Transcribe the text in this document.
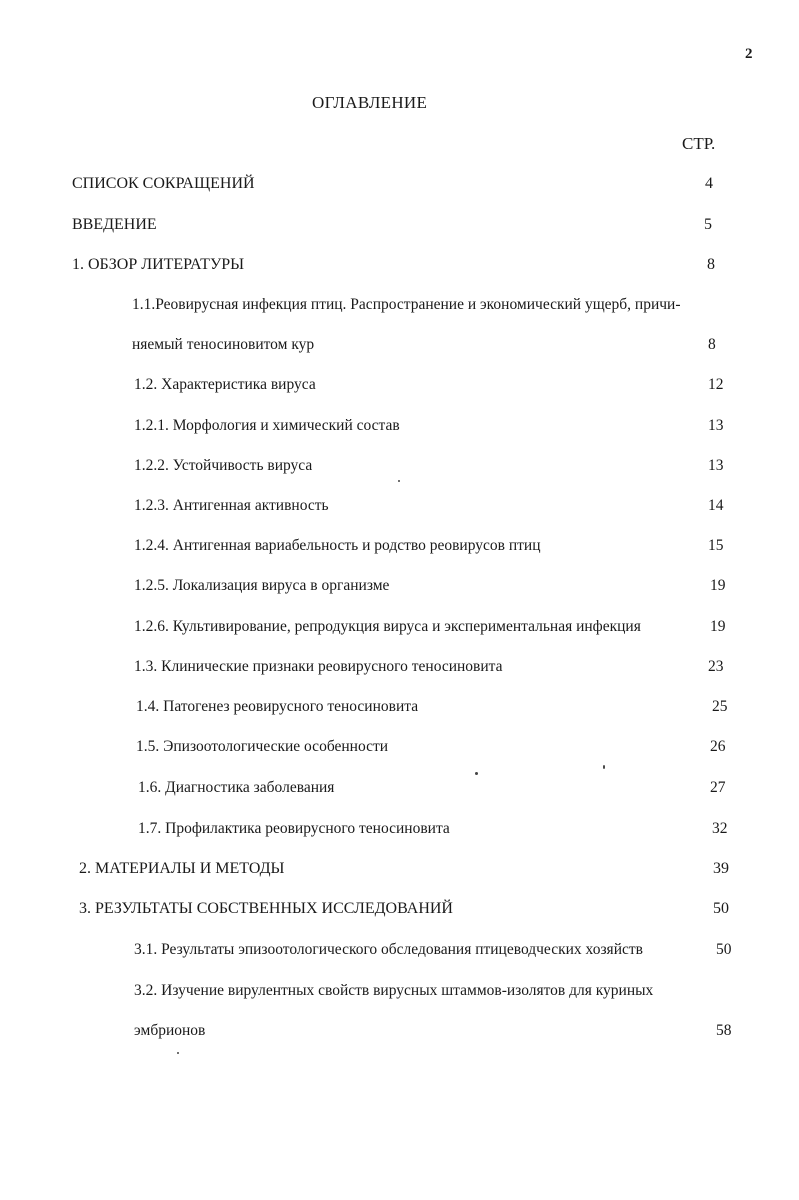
2
ОГЛАВЛЕНИЕ
СТР.
СПИСОК СОКРАЩЕНИЙ	4
ВВЕДЕНИЕ	5
1. ОБЗОР ЛИТЕРАТУРЫ	8
1.1.Реовирусная инфекция птиц. Распространение и экономический ущерб, причи-
няемый теносиновитом кур	8
1.2. Характеристика вируса	12
1.2.1. Морфология и химический состав	13
1.2.2. Устойчивость вируса	13
1.2.3. Антигенная активность	14
1.2.4. Антигенная вариабельность и родство реовирусов птиц	15
1.2.5. Локализация вируса в организме	19
1.2.6. Культивирование, репродукция вируса и экспериментальная инфекция	19
1.3. Клинические признаки реовирусного теносиновита	23
1.4. Патогенез реовирусного теносиновита	25
1.5. Эпизоотологические особенности	26
1.6. Диагностика заболевания	27
1.7. Профилактика реовирусного теносиновита	32
2. МАТЕРИАЛЫ И МЕТОДЫ	39
3. РЕЗУЛЬТАТЫ СОБСТВЕННЫХ ИССЛЕДОВАНИЙ	50
3.1. Результаты эпизоотологического обследования птицеводческих хозяйств	50
3.2. Изучение вирулентных свойств вирусных штаммов-изолятов для куриных
эмбрионов	58
